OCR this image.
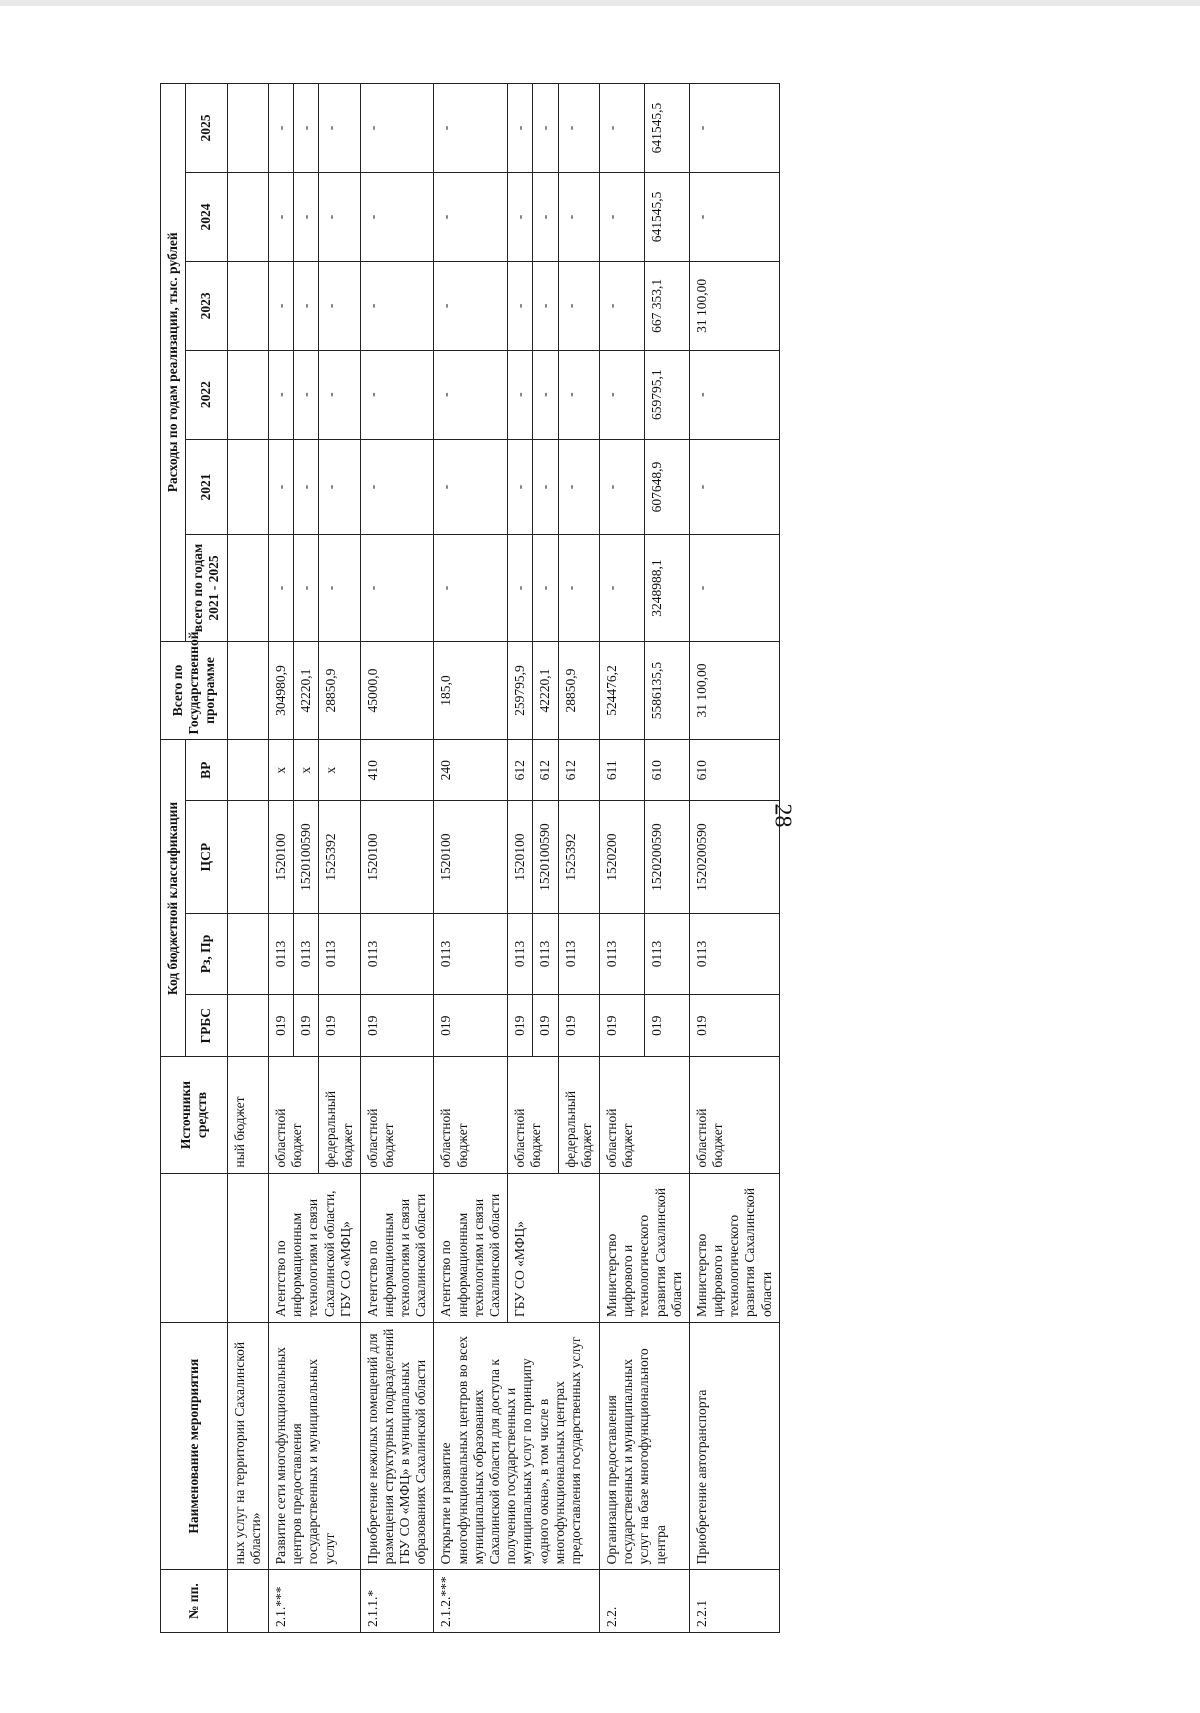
28
№ пп.	Наименование мероприятия		Источники средств	Код бюджетной классификации				Всего по Государственной программе	Расходы по годам реализации, тыс. рублей					
				ГРБС	Рз, Пр	ЦСР	ВР		всего по годам 2021 - 2025	2021	2022	2023	2024	2025
	ных услуг на территории Сахалинской области»		ный бюджет											
2.1.***	Развитие сети многофункциональных центров предоставления государственных и муниципальных услуг	Агентство по информационным технологиям и связи Сахалинской области, ГБУ СО «МФЦ»	областной бюджет	019	0113	1520100	х	304980,9	-	-	-	-	-	-
				019	0113	1520100590	х	42220,1	-	-	-	-	-	-
			федеральный бюджет	019	0113	1525392	х	28850,9	-	-	-	-	-	-
2.1.1.*	Приобретение нежилых помещений для размещения структурных подразделений ГБУ СО «МФЦ» в муниципальных образованиях Сахалинской области	Агентство по информационным технологиям и связи Сахалинской области	областной бюджет	019	0113	1520100	410	45000,0	-	-	-	-	-	-
2.1.2.***	Открытие и развитие многофункциональных центров во всех муниципальных образованиях Сахалинской области для доступа к получению государственных и муниципальных услуг по принципу «одного окна», в том числе в многофункциональных центрах предоставления государственных услуг	Агентство по информационным технологиям и связи Сахалинской области	областной бюджет	019	0113	1520100	240	185,0	-	-	-	-	-	-
		ГБУ СО «МФЦ»	областной бюджет	019	0113	1520100	612	259795,9	-	-	-	-	-	-
				019	0113	1520100590	612	42220,1	-	-	-	-	-	-
			федеральный бюджет	019	0113	1525392	612	28850,9	-	-	-	-	-	-
2.2.	Организация предоставления государственных и муниципальных услуг на базе многофункционального центра	Министерство цифрового и технологического развития Сахалинской области	областной бюджет	019	0113	1520200	611	524476,2	-	-	-	-	-	-
				019	0113	1520200590	610	5586135,5	3248988,1	607648,9	659795,1	667 353,1	641545,5	641545,5
2.2.1	Приобретение автотранспорта	Министерство цифрового и технологического развития Сахалинской области	областной бюджет	019	0113	1520200590	610	31 100,00	-	-	-	31 100,00	-	-
